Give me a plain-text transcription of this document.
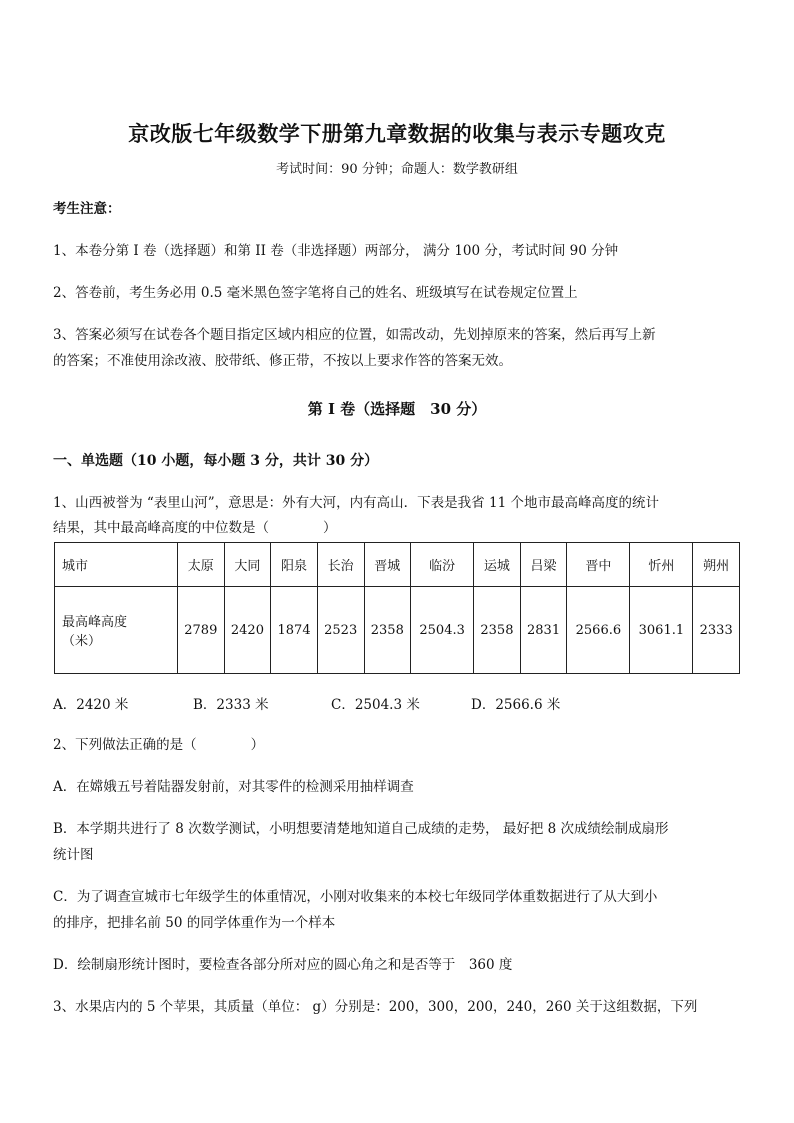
京改版七年级数学下册第九章数据的收集与表示专题攻克
考试时间：90 分钟；命题人：数学教研组
考生注意：
1、本卷分第 I 卷（选择题）和第 II 卷（非选择题）两部分， 满分 100 分，考试时间 90 分钟
2、答卷前，考生务必用 0.5 毫米黑色签字笔将自己的姓名、班级填写在试卷规定位置上
3、答案必须写在试卷各个题目指定区域内相应的位置，如需改动，先划掉原来的答案，然后再写上新
的答案；不准使用涂改液、胶带纸、修正带，不按以上要求作答的答案无效。
第 I 卷（选择题　30 分）
一、单选题（10 小题，每小题 3 分，共计 30 分）
1、山西被誉为 “表里山河”，意思是：外有大河，内有高山．下表是我省 11 个地市最高峰高度的统计
结果，其中最高峰高度的中位数是（　　　　）
城市	太原	大同	阳泉	长治	晋城	临汾	运城	吕梁	晋中	忻州	朔州

最高峰高度
（米）	2789	2420	1874	2523	2358	2504.3	2358	2831	2566.6	3061.1	2333
A．2420 米	B．2333 米	C．2504.3 米	D．2566.6 米
2、下列做法正确的是（　　　　）
A．在嫦娥五号着陆器发射前，对其零件的检测采用抽样调查
B．本学期共进行了 8 次数学测试，小明想要清楚地知道自己成绩的走势， 最好把 8 次成绩绘制成扇形
统计图
C．为了调查宣城市七年级学生的体重情况，小刚对收集来的本校七年级同学体重数据进行了从大到小
的排序，把排名前 50 的同学体重作为一个样本
D．绘制扇形统计图时，要检查各部分所对应的圆心角之和是否等于　360 度
3、水果店内的 5 个苹果，其质量（单位： g）分别是：200，300，200，240，260 关于这组数据，下列
